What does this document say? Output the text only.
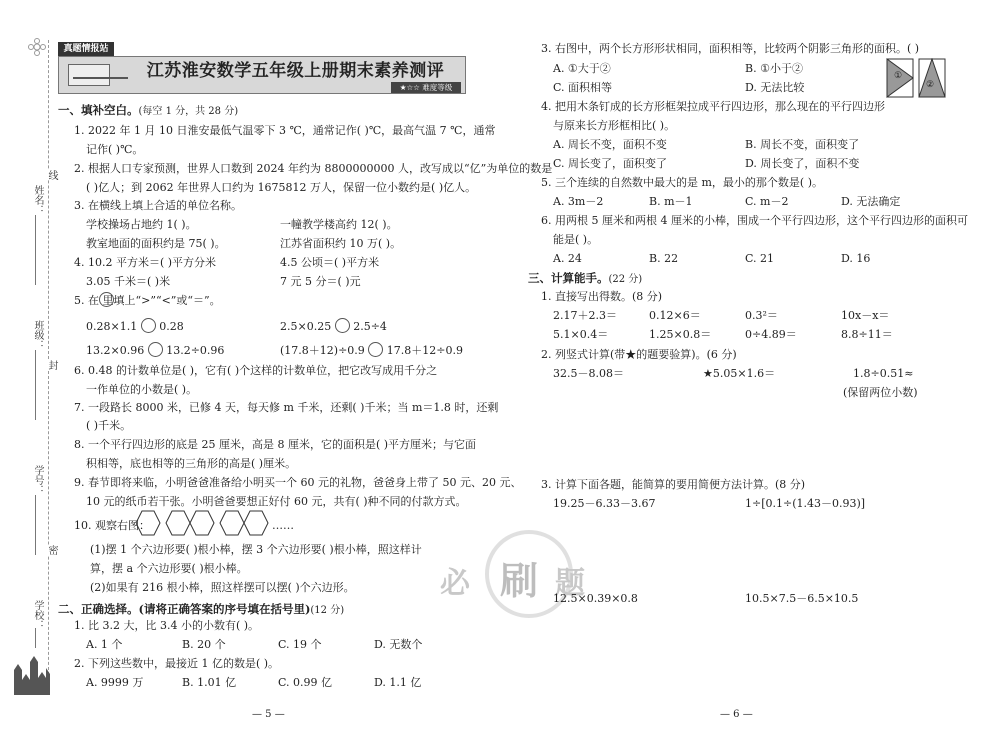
姓名：
线
班级：
封
学号：
密
学校：
真题情报站
江苏淮安数学五年级上册期末素养测评
★☆☆ 难度等级
一、填补空白。(每空 1 分，共 28 分)
1. 2022 年 1 月 10 日淮安最低气温零下 3 ℃，通常记作( )℃，最高气温 7 ℃，通常
记作( )℃。
2. 根据人口专家预测，世界人口数到 2024 年约为 8800000000 人，改写成以“亿”为单位的数是
( )亿人；到 2062 年世界人口约为 1675812 万人，保留一位小数约是( )亿人。
3. 在横线上填上合适的单位名称。
学校操场占地约 1( )。	一幢教学楼高约 12( )。
教室地面的面积约是 75( )。	江苏省面积约 10 万( )。
4. 10.2 平方米＝( )平方分米	4.5 公顷＝( )平方米
3.05 千米＝( )米	7 元 5 分＝( )元
5. 在 里填上“>”“<”或“＝”。
0.28×1.1 0.28	2.5×0.25 2.5÷4
13.2×0.96 13.2÷0.96	(17.8＋12)÷0.9 17.8＋12÷0.9
6. 0.48 的计数单位是( )，它有( )个这样的计数单位，把它改写成用千分之
一作单位的小数是( )。
7. 一段路长 8000 米，已修 4 天，每天修 m 千米，还剩( )千米；当 m＝1.8 时，还剩
( )千米。
8. 一个平行四边形的底是 25 厘米，高是 8 厘米，它的面积是( )平方厘米；与它面
积相等，底也相等的三角形的高是( )厘米。
9. 春节即将来临，小明爸爸准备给小明买一个 60 元的礼物，爸爸身上带了 50 元、20 元、
10 元的纸币若干张。小明爸爸要想正好付 60 元，共有( )种不同的付款方式。
10. 观察右图：	……
(1)摆 1 个六边形要( )根小棒，摆 3 个六边形要( )根小棒，照这样计
算，摆 a 个六边形要( )根小棒。
(2)如果有 216 根小棒，照这样摆可以摆( )个六边形。
二、正确选择。(请将正确答案的序号填在括号里)(12 分)
1. 比 3.2 大，比 3.4 小的小数有( )。
A. 1 个	B. 20 个	C. 19 个	D. 无数个
2. 下列这些数中，最接近 1 亿的数是( )。
A. 9999 万	B. 1.01 亿	C. 0.99 亿	D. 1.1 亿
— 5 —
3. 右图中，两个长方形形状相同，面积相等，比较两个阴影三角形的面积。( )
A. ①大于②	B. ①小于②
C. 面积相等	D. 无法比较
①
②
4. 把用木条钉成的长方形框架拉成平行四边形，那么现在的平行四边形
与原来长方形框相比( )。
A. 周长不变，面积不变	B. 周长不变，面积变了
C. 周长变了，面积变了	D. 周长变了，面积不变
5. 三个连续的自然数中最大的是 m，最小的那个数是( )。
A. 3m－2	B. m－1	C. m－2	D. 无法确定
6. 用两根 5 厘米和两根 4 厘米的小棒，围成一个平行四边形，这个平行四边形的面积可
能是( )。
A. 24	B. 22	C. 21	D. 16
三、计算能手。(22 分)
1. 直接写出得数。(8 分)
2.17＋2.3＝	0.12×6＝	0.3²＝	10x－x＝
5.1×0.4＝	1.25×0.8＝	0÷4.89＝	8.8÷11＝
2. 列竖式计算(带★的题要验算)。(6 分)
32.5－8.08＝	★5.05×1.6＝	1.8÷0.51≈
(保留两位小数)
3. 计算下面各题，能简算的要用简便方法计算。(8 分)
19.25－6.33－3.67	1÷[0.1÷(1.43－0.93)]
必 刷 题
12.5×0.39×0.8	10.5×7.5－6.5×10.5
— 6 —
